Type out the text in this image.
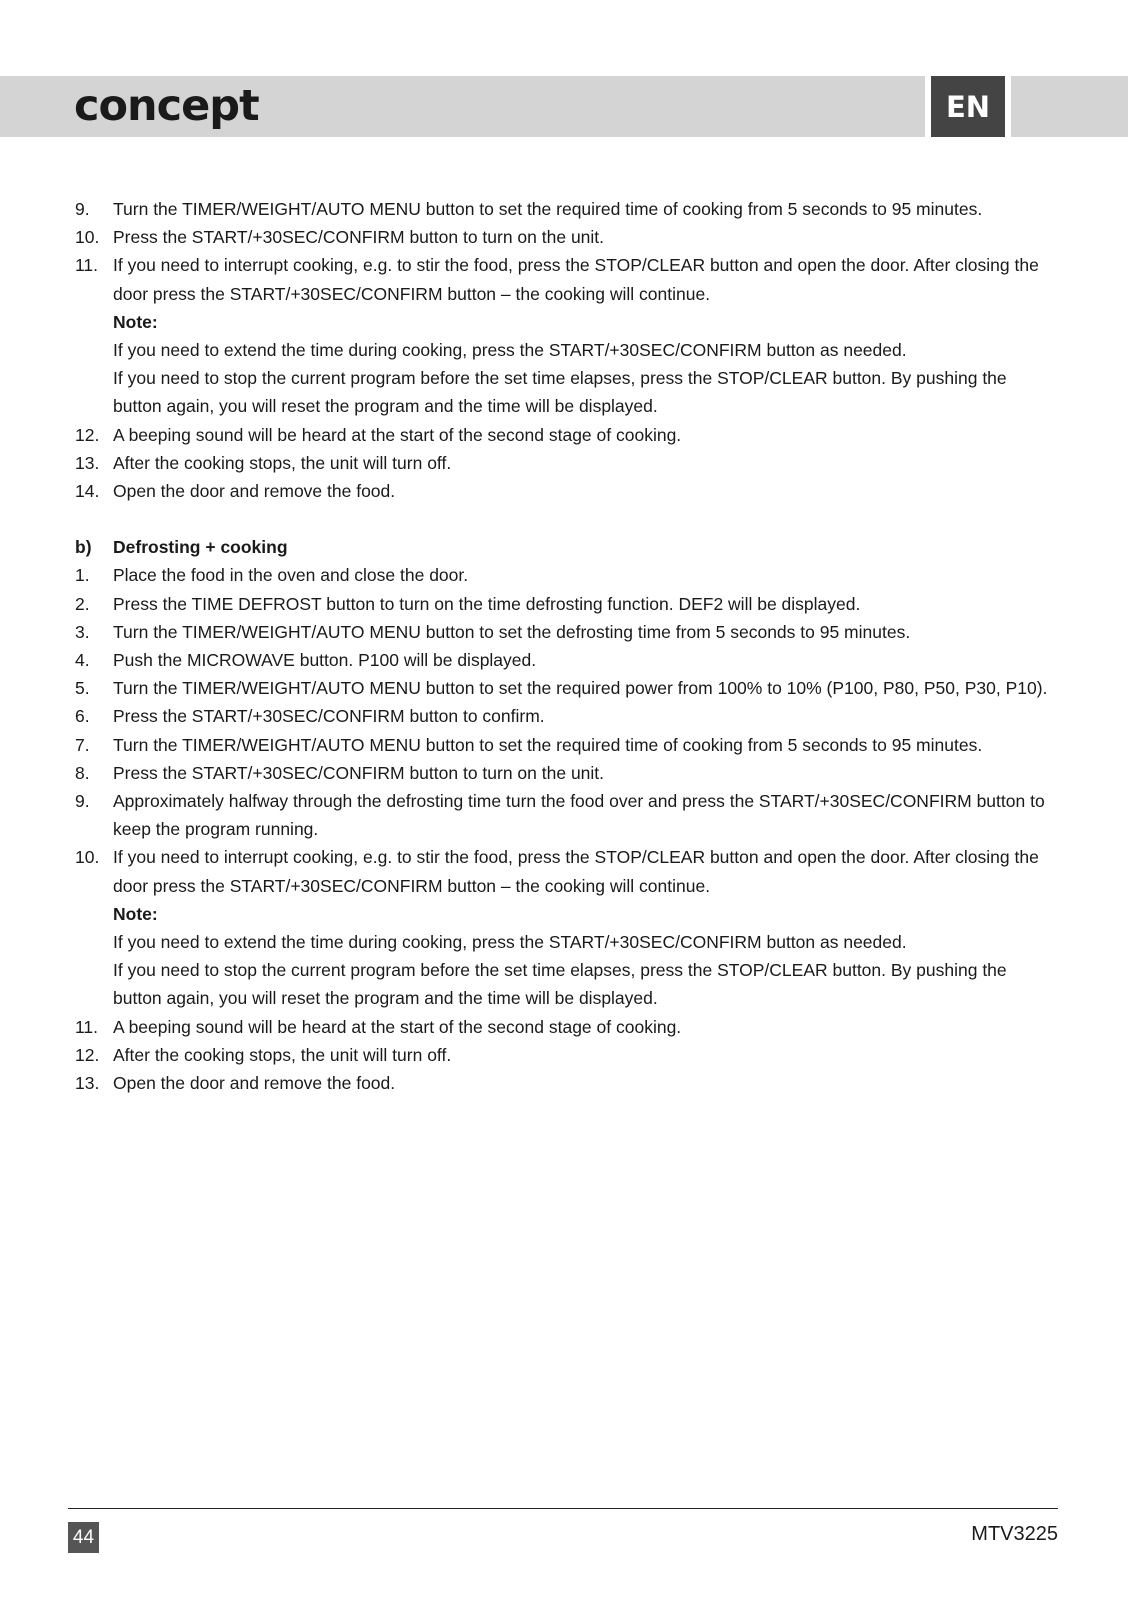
concept	EN
9.	Turn the TIMER/WEIGHT/AUTO MENU button to set the required time of cooking from 5 seconds to 95 minutes.
10. Press the START/+30SEC/CONFIRM button to turn on the unit.
11. If you need to interrupt cooking, e.g. to stir the food, press the STOP/CLEAR button and open the door. After closing the door press the START/+30SEC/CONFIRM button – the cooking will continue.
Note:
If you need to extend the time during cooking, press the START/+30SEC/CONFIRM button as needed.
If you need to stop the current program before the set time elapses, press the STOP/CLEAR button. By pushing the button again, you will reset the program and the time will be displayed.
12. A beeping sound will be heard at the start of the second stage of cooking.
13. After the cooking stops, the unit will turn off.
14. Open the door and remove the food.
b)	Defrosting + cooking
1.	Place the food in the oven and close the door.
2.	Press the TIME DEFROST button to turn on the time defrosting function. DEF2 will be displayed.
3.	Turn the TIMER/WEIGHT/AUTO MENU button to set the defrosting time from 5 seconds to 95 minutes.
4.	Push the MICROWAVE button. P100 will be displayed.
5.	Turn the TIMER/WEIGHT/AUTO MENU button to set the required power from 100% to 10% (P100, P80, P50, P30, P10).
6.	Press the START/+30SEC/CONFIRM button to confirm.
7.	Turn the TIMER/WEIGHT/AUTO MENU button to set the required time of cooking from 5 seconds to 95 minutes.
8.	Press the START/+30SEC/CONFIRM button to turn on the unit.
9.	Approximately halfway through the defrosting time turn the food over and press the START/+30SEC/CONFIRM button to keep the program running.
10. If you need to interrupt cooking, e.g. to stir the food, press the STOP/CLEAR button and open the door. After closing the door press the START/+30SEC/CONFIRM button – the cooking will continue.
Note:
If you need to extend the time during cooking, press the START/+30SEC/CONFIRM button as needed.
If you need to stop the current program before the set time elapses, press the STOP/CLEAR button. By pushing the button again, you will reset the program and the time will be displayed.
11. A beeping sound will be heard at the start of the second stage of cooking.
12. After the cooking stops, the unit will turn off.
13. Open the door and remove the food.
44	MTV3225
